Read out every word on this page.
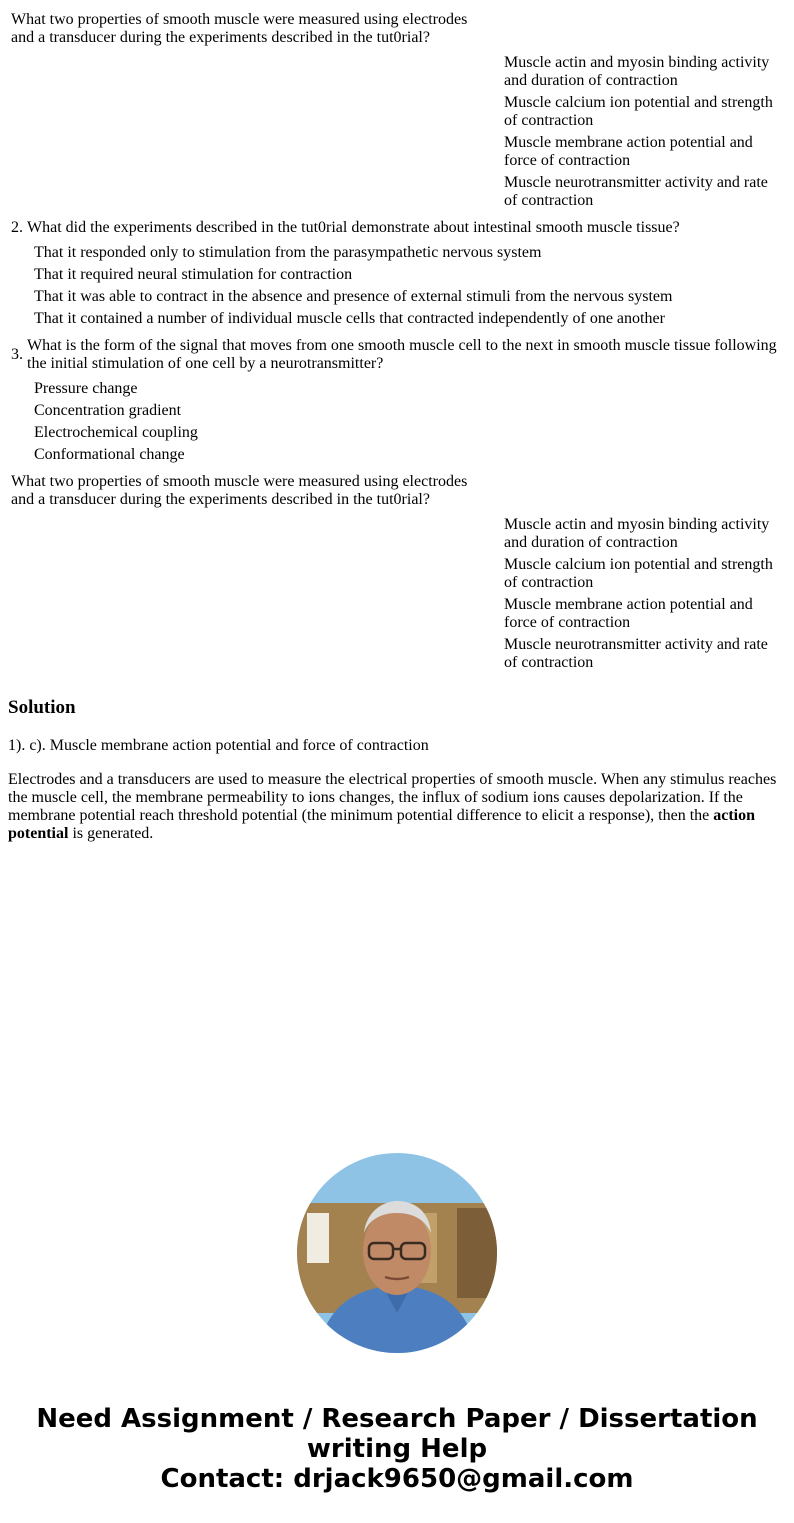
What two properties of smooth muscle were measured using electrodes and a transducer during the experiments described in the tut0rial?
Muscle actin and myosin binding activity and duration of contraction
Muscle calcium ion potential and strength of contraction
Muscle membrane action potential and force of contraction
Muscle neurotransmitter activity and rate of contraction
2. What did the experiments described in the tut0rial demonstrate about intestinal smooth muscle tissue?
That it responded only to stimulation from the parasympathetic nervous system
That it required neural stimulation for contraction
That it was able to contract in the absence and presence of external stimuli from the nervous system
That it contained a number of individual muscle cells that contracted independently of one another
3.
What is the form of the signal that moves from one smooth muscle cell to the next in smooth muscle tissue following the initial stimulation of one cell by a neurotransmitter?
Pressure change
Concentration gradient
Electrochemical coupling
Conformational change
What two properties of smooth muscle were measured using electrodes and a transducer during the experiments described in the tut0rial?
Muscle actin and myosin binding activity and duration of contraction
Muscle calcium ion potential and strength of contraction
Muscle membrane action potential and force of contraction
Muscle neurotransmitter activity and rate of contraction
Solution
1). c). Muscle membrane action potential and force of contraction
Electrodes and a transducers are used to measure the electrical properties of smooth muscle. When any stimulus reaches the muscle cell, the membrane permeability to ions changes, the influx of sodium ions causes depolarization. If the membrane potential reach threshold potential (the minimum potential difference to elicit a response), then the action potential is generated.
Need Assignment / Research Paper / Dissertation writing Help
Contact: drjack9650@gmail.com
